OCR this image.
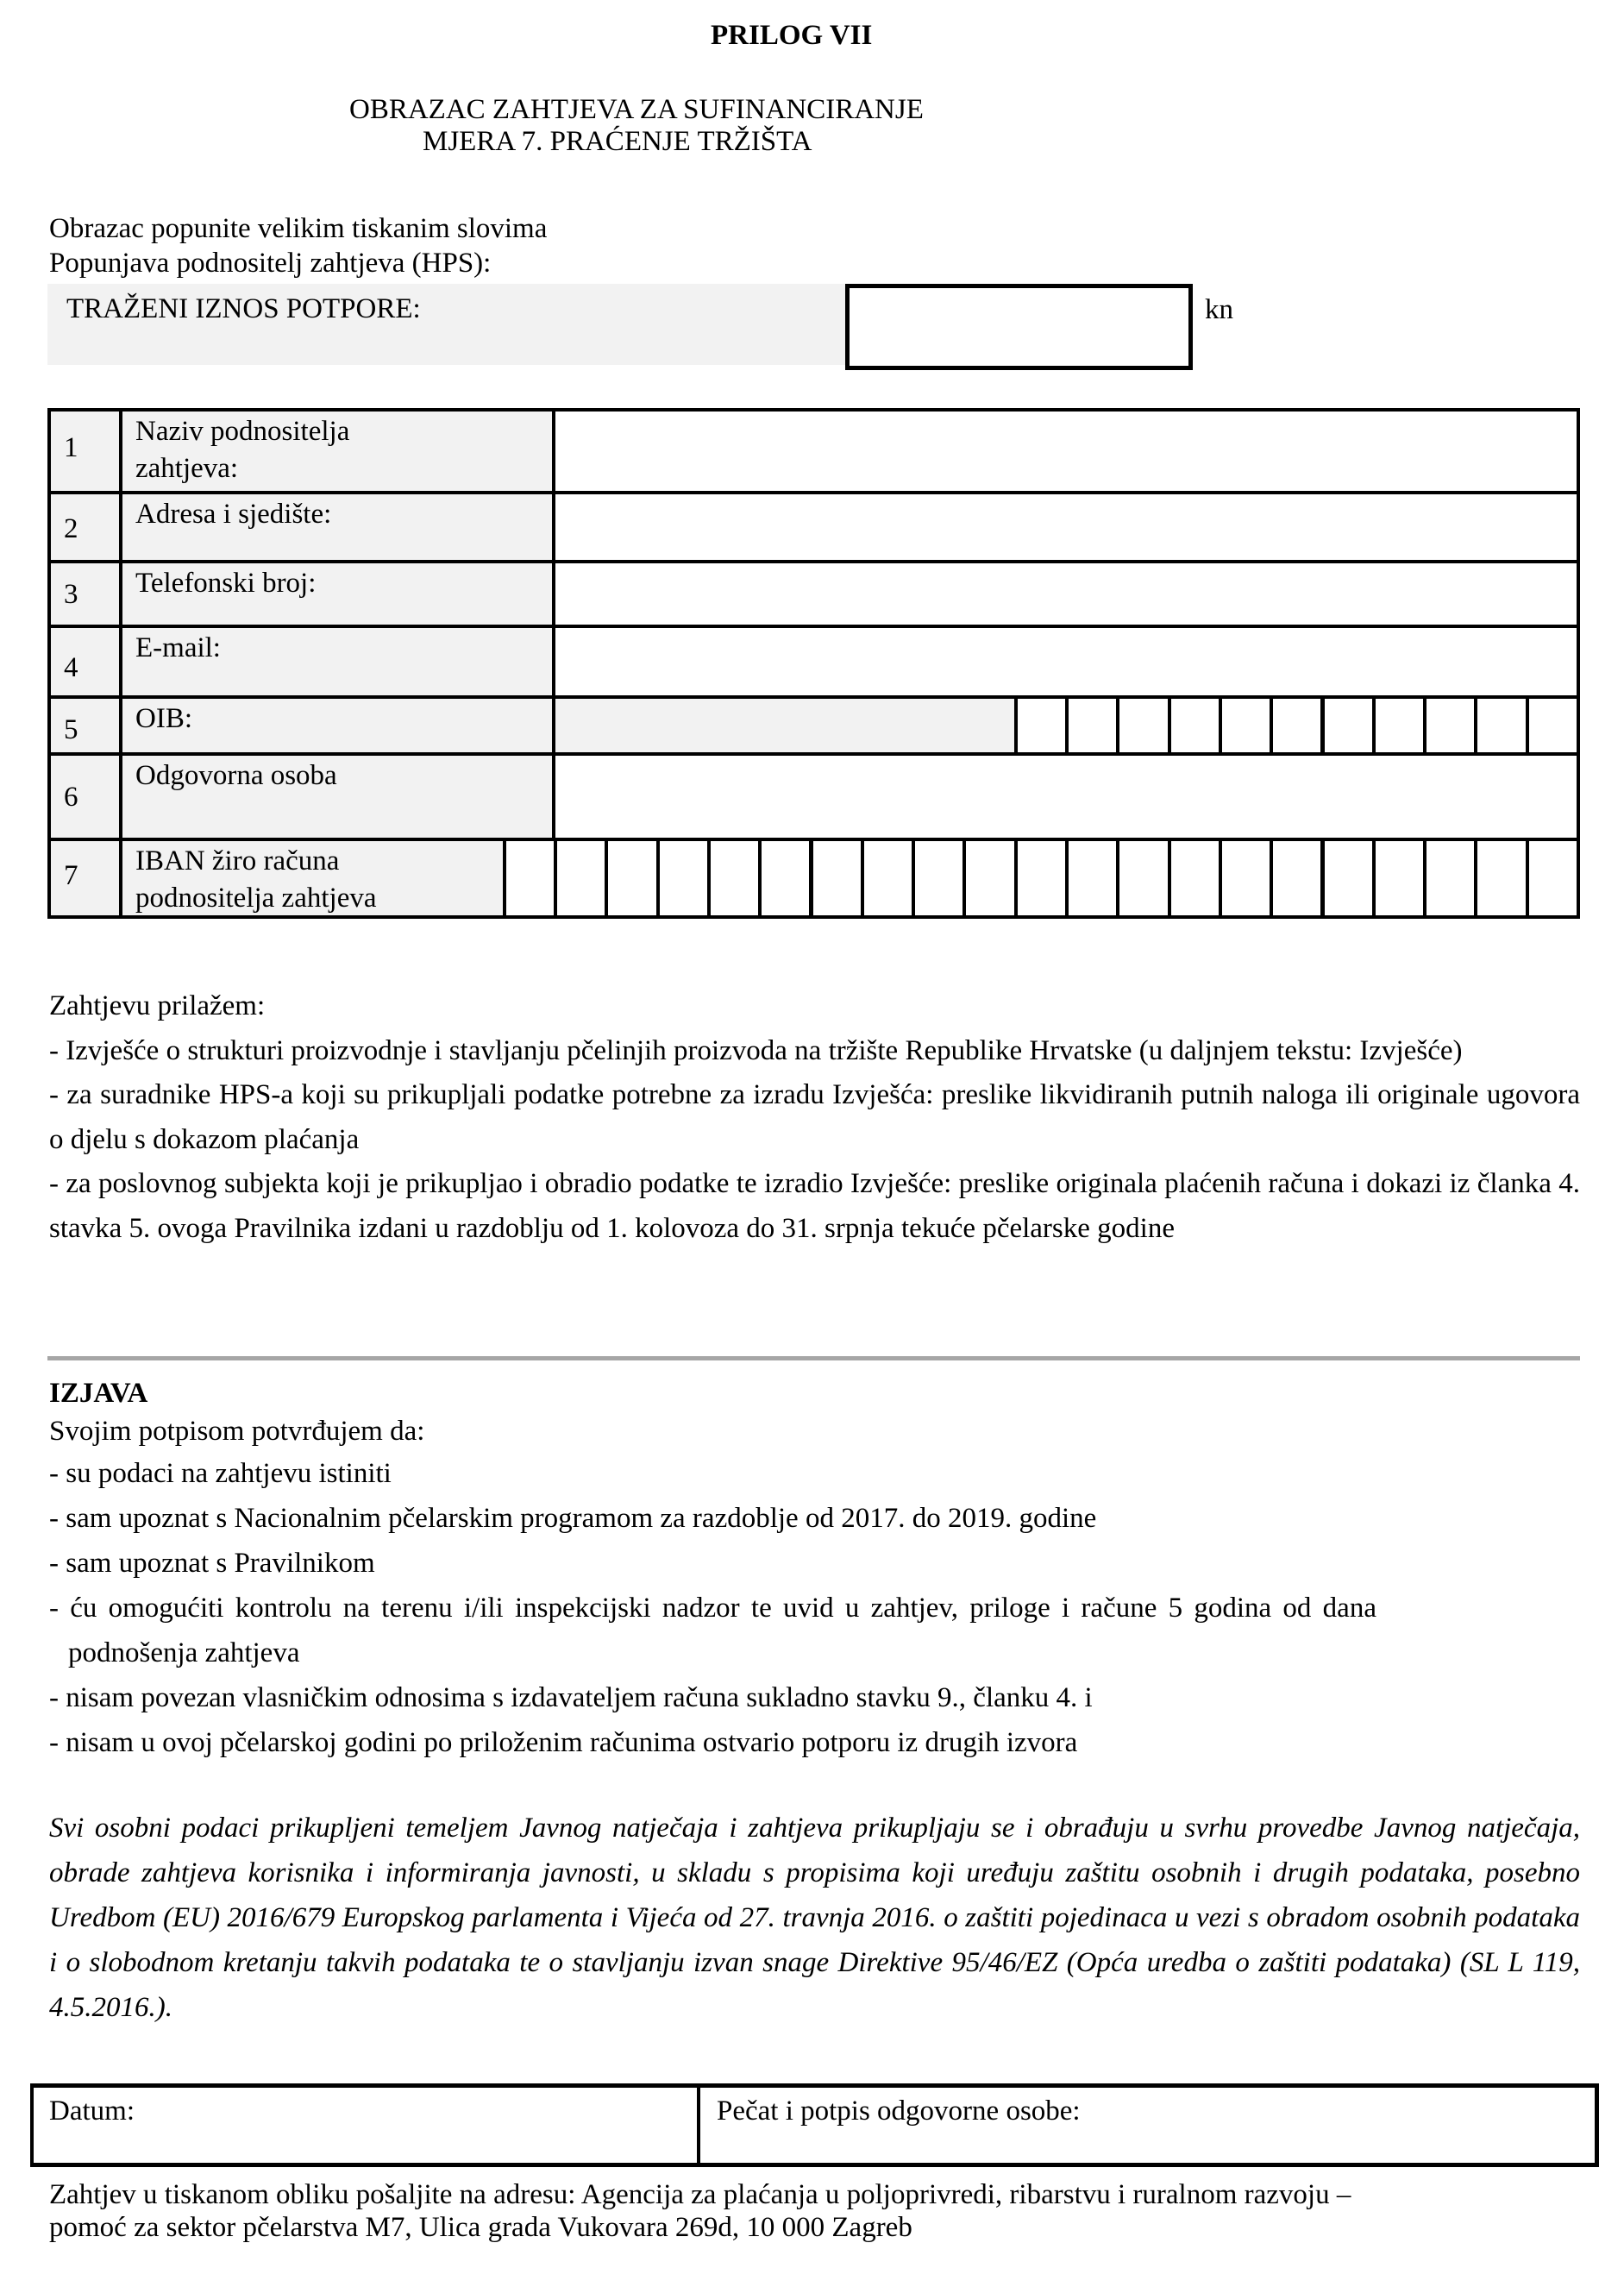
PRILOG VII
OBRAZAC ZAHTJEVA ZA SUFINANCIRANJE
MJERA 7. PRAĆENJE TRŽIŠTA
Obrazac popunite velikim tiskanim slovima
Popunjava podnositelj zahtjeva (HPS):
TRAŽENI IZNOS POTPORE:	kn
1
Naziv podnositelja
zahtjeva:
2 Adresa i sjedište:
3 Telefonski broj:
4
E-mail:
5 OIB:
6
Odgovorna osoba
7 IBAN žiro računa
podnositelja zahtjeva
Zahtjevu prilažem:
- Izvješće o strukturi proizvodnje i stavljanju pčelinjih proizvoda na tržište Republike Hrvatske (u daljnjem tekstu: Izvješće)
- za suradnike HPS-a koji su prikupljali podatke potrebne za izradu Izvješća: preslike likvidiranih putnih naloga ili originale ugovora o djelu s dokazom plaćanja
- za poslovnog subjekta koji je prikupljao i obradio podatke te izradio Izvješće: preslike originala plaćenih računa i dokazi iz članka 4. stavka 5. ovoga Pravilnika izdani u razdoblju od 1. kolovoza do 31. srpnja tekuće pčelarske godine
IZJAVA
Svojim potpisom potvrđujem da:
- su podaci na zahtjevu istiniti
- sam upoznat s Nacionalnim pčelarskim programom za razdoblje od 2017. do 2019. godine
- sam upoznat s Pravilnikom
- ću omogućiti kontrolu na terenu i/ili inspekcijski nadzor te uvid u zahtjev, priloge i račune 5 godina od dana
podnošenja zahtjeva
- nisam povezan vlasničkim odnosima s izdavateljem računa sukladno stavku 9., članku 4. i
- nisam u ovoj pčelarskoj godini po priloženim računima ostvario potporu iz drugih izvora
Svi osobni podaci prikupljeni temeljem Javnog natječaja i zahtjeva prikupljaju se i obrađuju u svrhu provedbe Javnog natječaja, obrade zahtjeva korisnika i informiranja javnosti, u skladu s propisima koji uređuju zaštitu osobnih i drugih podataka, posebno Uredbom (EU) 2016/679 Europskog parlamenta i Vijeća od 27. travnja 2016. o zaštiti pojedinaca u vezi s obradom osobnih podataka i o slobodnom kretanju takvih podataka te o stavljanju izvan snage Direktive 95/46/EZ (Opća uredba o zaštiti podataka) (SL L 119, 4.5.2016.).
Datum:	Pečat i potpis odgovorne osobe:
Zahtjev u tiskanom obliku pošaljite na adresu: Agencija za plaćanja u poljoprivredi, ribarstvu i ruralnom razvoju –
pomoć za sektor pčelarstva M7, Ulica grada Vukovara 269d, 10 000 Zagreb
